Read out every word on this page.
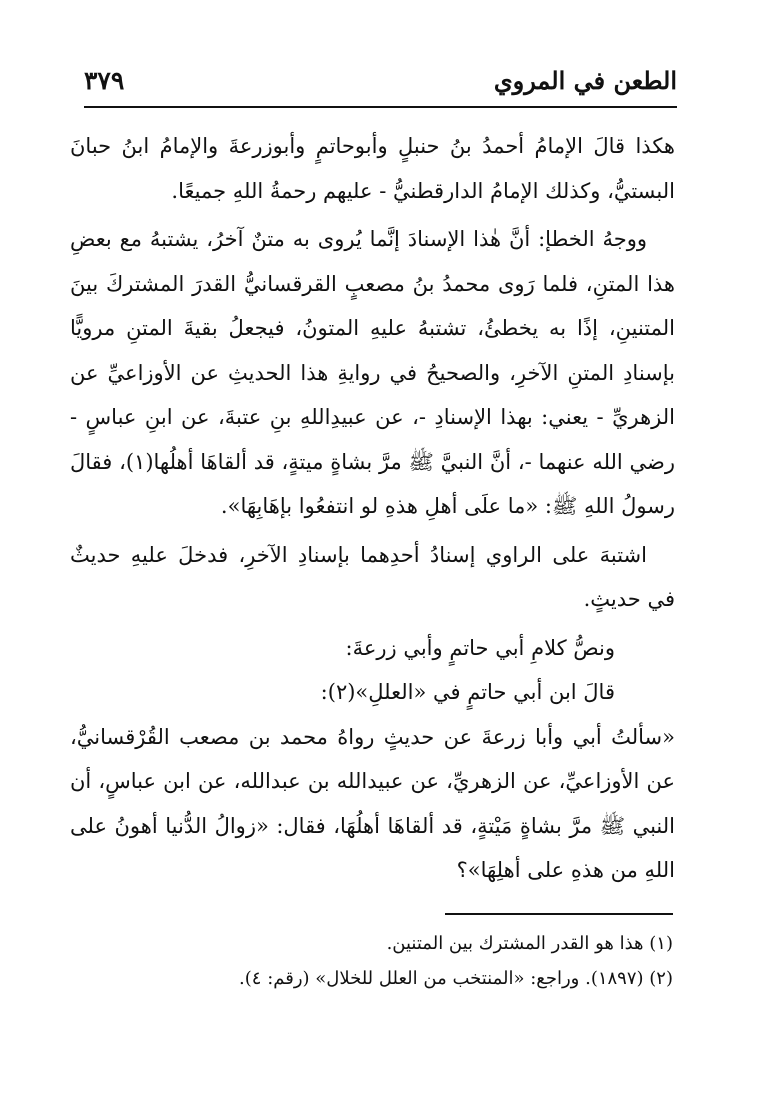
الطعن في المروي
٣٧٩

هكذا قالَ الإمامُ أحمدُ بنُ حنبلٍ وأبوحاتمٍ وأبوزرعةَ والإمامُ ابنُ حبانَ البستيُّ، وكذلك الإمامُ الدارقطنيُّ - عليهم رحمةُ اللهِ جميعًا.

ووجهُ الخطإ: أنَّ هٰذا الإسنادَ إنَّما يُروى به متنٌ آخرُ، يشتبهُ مع بعضِ هذا المتنِ، فلما رَوى محمدُ بنُ مصعبٍ القرقسانيُّ القدرَ المشتركَ بينَ المتنينِ، إذًا به يخطئُ، تشتبهُ عليهِ المتونُ، فيجعلُ بقيةَ المتنِ مرويًّا بإسنادِ المتنِ الآخرِ، والصحيحُ في روايةِ هذا الحديثِ عن الأوزاعيِّ عن الزهريِّ - يعني: بهذا الإسنادِ -، عن عبيدِاللهِ بنِ عتبةَ، عن ابنِ عباسٍ - رضي الله عنهما -، أنَّ النبيَّ ﷺ مرَّ بشاةٍ ميتةٍ، قد ألقاهَا أهلُها(١)، فقالَ رسولُ اللهِ ﷺ: «ما علَى أهلِ هذهِ لو انتفعُوا بإهَابِهَا».

اشتبهَ على الراوي إسنادُ أحدِهما بإسنادِ الآخرِ، فدخلَ عليهِ حديثٌ في حديثٍ.

ونصُّ كلامِ أبي حاتمٍ وأبي زرعةَ:

قالَ ابن أبي حاتمٍ في «العللِ»(٢):

«سألتُ أبي وأبا زرعةَ عن حديثٍ رواهُ محمد بن مصعب القُرْقسانيُّ، عن الأوزاعيِّ، عن الزهريِّ، عن عبيدالله بن عبدالله، عن ابن عباسٍ، أن النبي ﷺ مرَّ بشاةٍ مَيْتةٍ، قد ألقاهَا أهلُهَا، فقال: «زوالُ الدُّنيا أهونُ على اللهِ من هذهِ على أهلِهَا»؟

(١) هذا هو القدر المشترك بين المتنين.

(٢) (١٨٩٧). وراجع: «المنتخب من العلل للخلال» (رقم: ٤).
